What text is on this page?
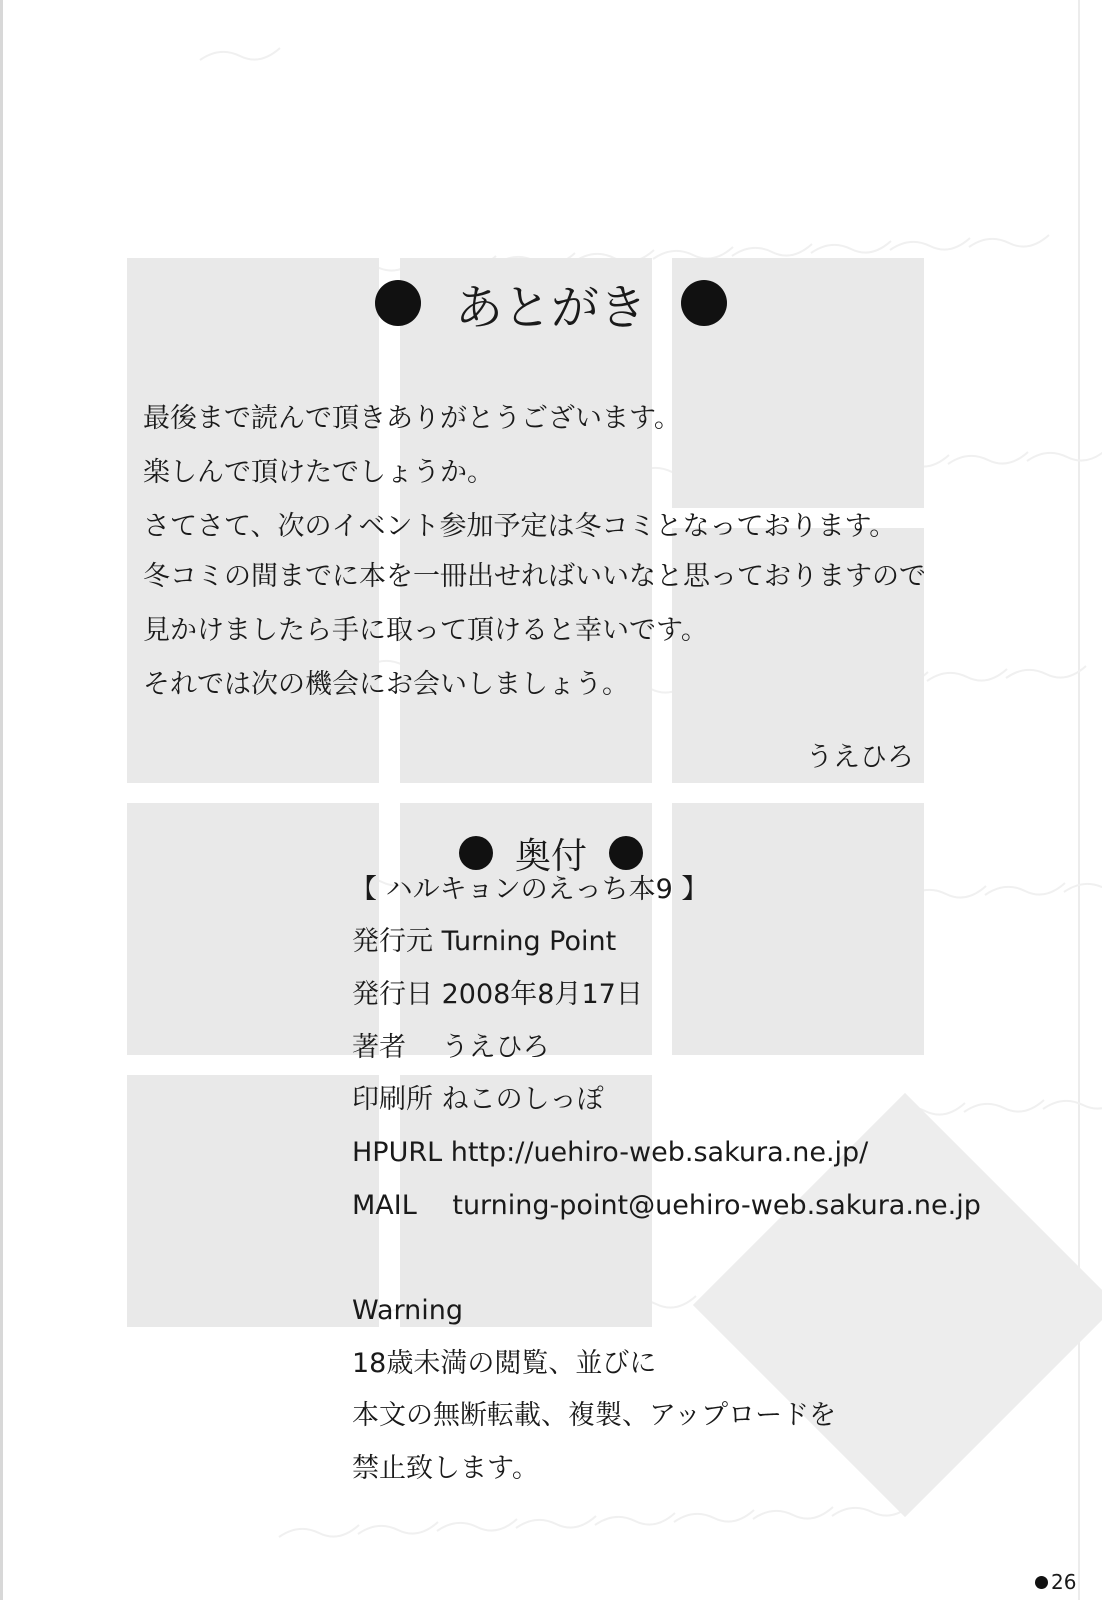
あとがき
最後まで読んで頂きありがとうございます。
楽しんで頂けたでしょうか。
さてさて、次のイベント参加予定は冬コミとなっております。
冬コミの間までに本を一冊出せればいいなと思っておりますので
見かけましたら手に取って頂けると幸いです。
それでは次の機会にお会いしましょう。
うえひろ
奥付
【 ハルキョンのえっち本9 】
発行元 Turning Point
発行日 2008年8月17日
著者　 うえひろ
印刷所 ねこのしっぽ
HPURL http://uehiro-web.sakura.ne.jp/
MAIL　 turning-point@uehiro-web.sakura.ne.jp
Warning
18歳未満の閲覧、並びに
本文の無断転載、複製、アップロードを
禁止致します。
26
